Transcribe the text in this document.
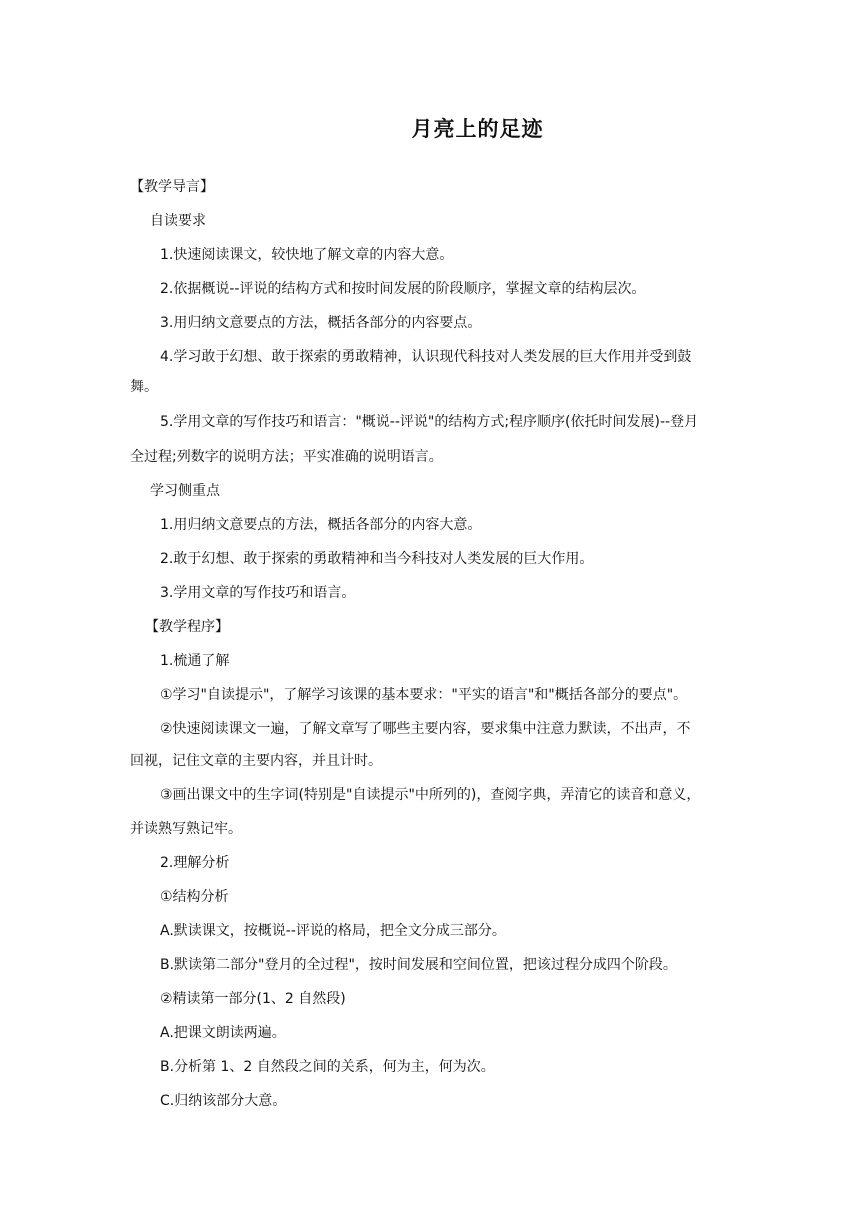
月亮上的足迹
【教学导言】
自读要求
1.快速阅读课文，较快地了解文章的内容大意。
2.依据概说--评说的结构方式和按时间发展的阶段顺序，掌握文章的结构层次。
3.用归纳文意要点的方法，概括各部分的内容要点。
4.学习敢于幻想、敢于探索的勇敢精神，认识现代科技对人类发展的巨大作用并受到鼓
舞。
5.学用文章的写作技巧和语言："概说--评说"的结构方式;程序顺序(依托时间发展)--登月
全过程;列数字的说明方法；平实准确的说明语言。
学习侧重点
1.用归纳文意要点的方法，概括各部分的内容大意。
2.敢于幻想、敢于探索的勇敢精神和当今科技对人类发展的巨大作用。
3.学用文章的写作技巧和语言。
【教学程序】
1.梳通了解
①学习"自读提示"，了解学习该课的基本要求："平实的语言"和"概括各部分的要点"。
②快速阅读课文一遍，了解文章写了哪些主要内容，要求集中注意力默读，不出声，不
回视，记住文章的主要内容，并且计时。
③画出课文中的生字词(特别是"自读提示"中所列的)，查阅字典，弄清它的读音和意义，
并读熟写熟记牢。
2.理解分析
①结构分析
A.默读课文，按概说--评说的格局，把全文分成三部分。
B.默读第二部分"登月的全过程"，按时间发展和空间位置，把该过程分成四个阶段。
②精读第一部分(1、2 自然段)
A.把课文朗读两遍。
B.分析第 1、2 自然段之间的关系，何为主，何为次。
C.归纳该部分大意。
